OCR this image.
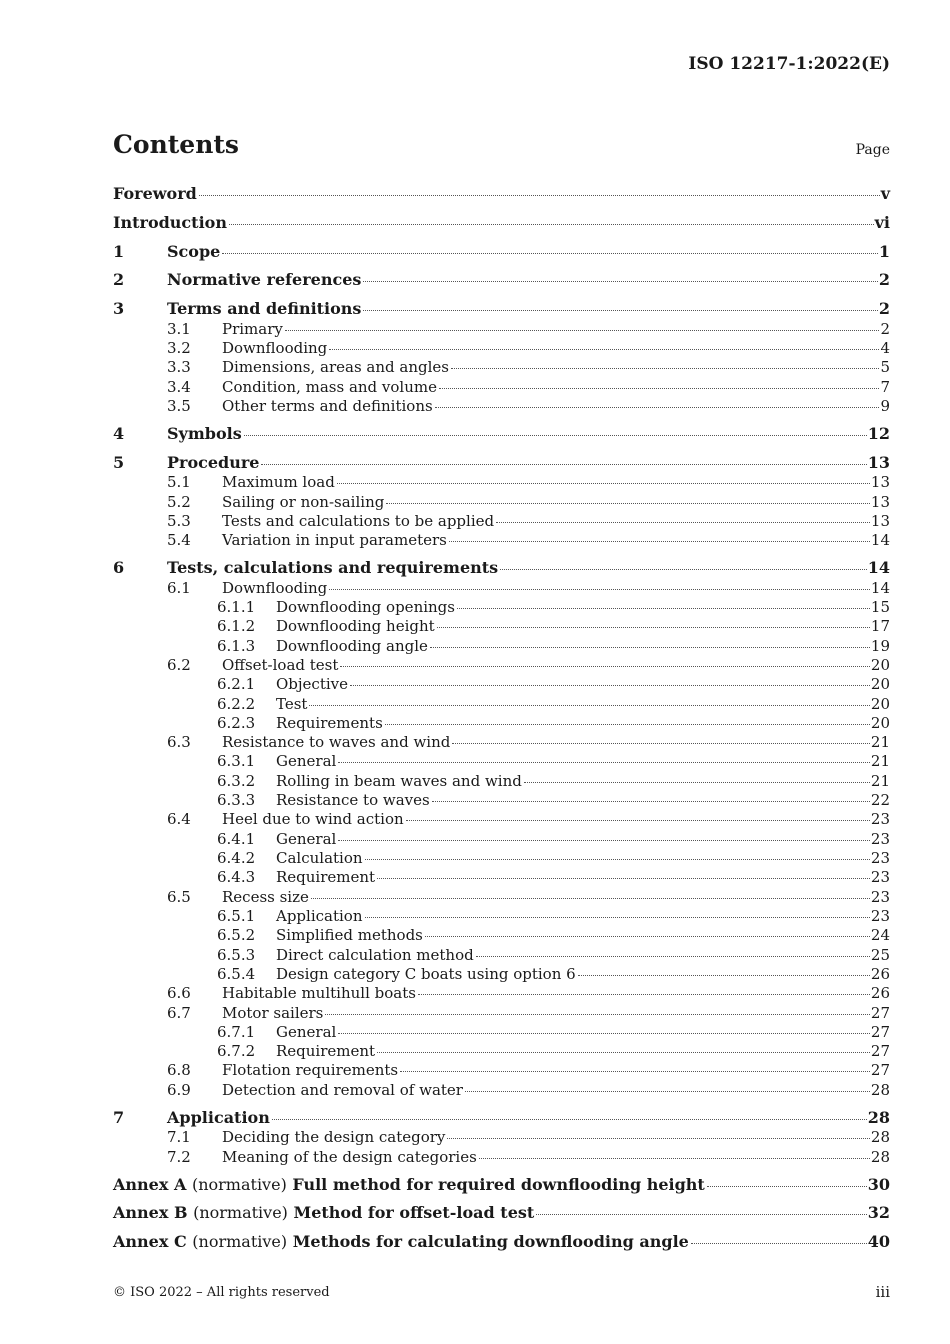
ISO 12217-1:2022(E)
Contents	Page
Foreword	v
Introduction	vi
1	Scope	1
2	Normative references	2
3	Terms and definitions	2
3.1	Primary	2
3.2	Downflooding	4
3.3	Dimensions, areas and angles	5
3.4	Condition, mass and volume	7
3.5	Other terms and definitions	9
4	Symbols	12
5	Procedure	13
5.1	Maximum load	13
5.2	Sailing or non-sailing	13
5.3	Tests and calculations to be applied	13
5.4	Variation in input parameters	14
6	Tests, calculations and requirements	14
6.1	Downflooding	14
6.1.1	Downflooding openings	15
6.1.2	Downflooding height	17
6.1.3	Downflooding angle	19
6.2	Offset-load test	20
6.2.1	Objective	20
6.2.2	Test	20
6.2.3	Requirements	20
6.3	Resistance to waves and wind	21
6.3.1	General	21
6.3.2	Rolling in beam waves and wind	21
6.3.3	Resistance to waves	22
6.4	Heel due to wind action	23
6.4.1	General	23
6.4.2	Calculation	23
6.4.3	Requirement	23
6.5	Recess size	23
6.5.1	Application	23
6.5.2	Simplified methods	24
6.5.3	Direct calculation method	25
6.5.4	Design category C boats using option 6	26
6.6	Habitable multihull boats	26
6.7	Motor sailers	27
6.7.1	General	27
6.7.2	Requirement	27
6.8	Flotation requirements	27
6.9	Detection and removal of water	28
7	Application	28
7.1	Deciding the design category	28
7.2	Meaning of the design categories	28
Annex A (normative) Full method for required downflooding height	30
Annex B (normative) Method for offset-load test	32
Annex C (normative) Methods for calculating downflooding angle	40
© ISO 2022 – All rights reserved	iii
